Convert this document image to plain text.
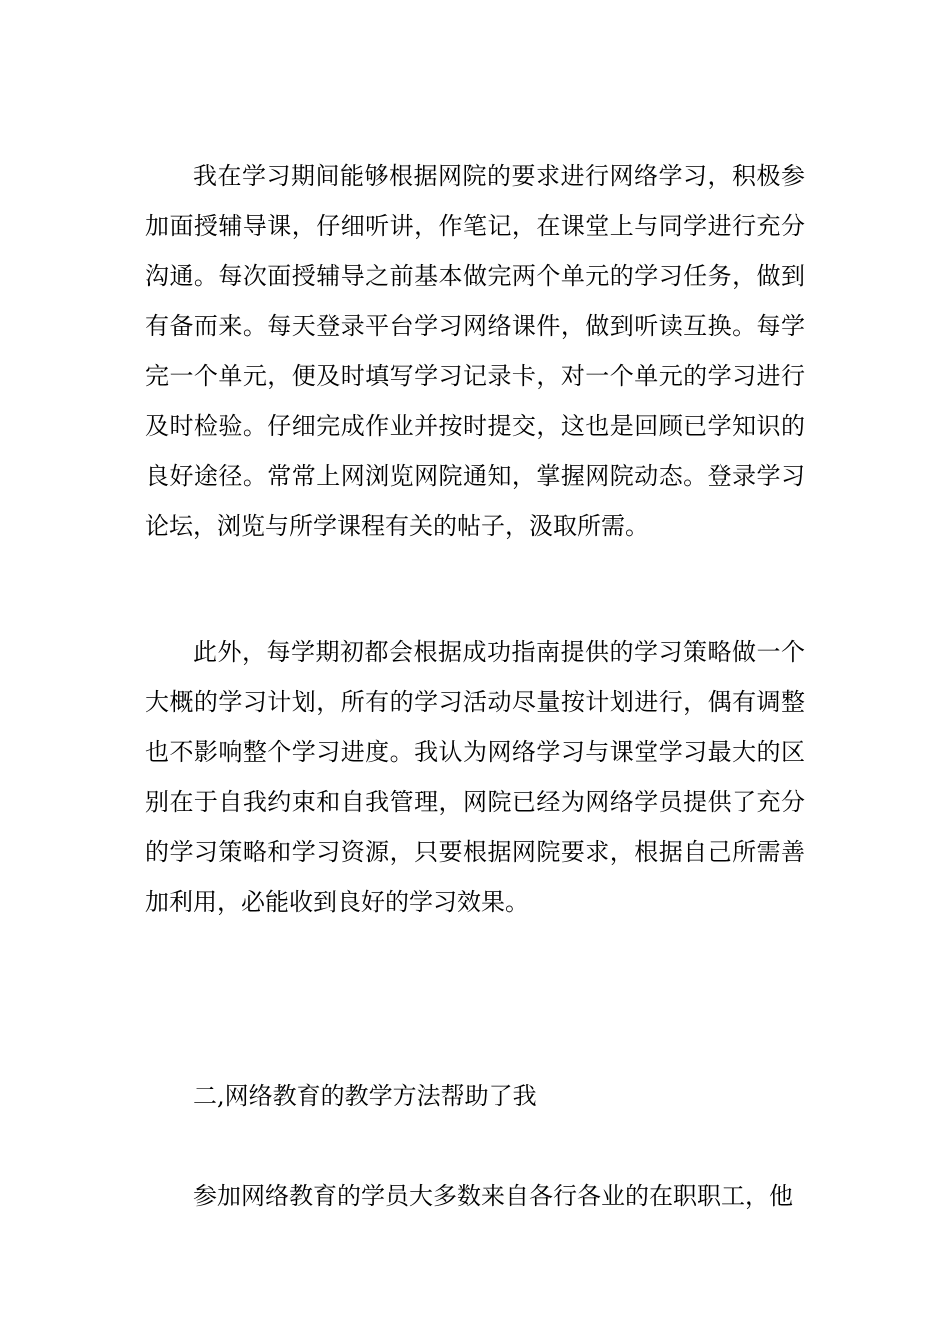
我在学习期间能够根据网院的要求进行网络学习，积极参加面授辅导课，仔细听讲，作笔记，在课堂上与同学进行充分沟通。每次面授辅导之前基本做完两个单元的学习任务，做到有备而来。每天登录平台学习网络课件，做到听读互换。每学完一个单元，便及时填写学习记录卡，对一个单元的学习进行及时检验。仔细完成作业并按时提交，这也是回顾已学知识的良好途径。常常上网浏览网院通知，掌握网院动态。登录学习论坛，浏览与所学课程有关的帖子，汲取所需。

此外，每学期初都会根据成功指南提供的学习策略做一个大概的学习计划，所有的学习活动尽量按计划进行，偶有调整也不影响整个学习进度。我认为网络学习与课堂学习最大的区别在于自我约束和自我管理，网院已经为网络学员提供了充分的学习策略和学习资源，只要根据网院要求，根据自己所需善加利用，必能收到良好的学习效果。

二,网络教育的教学方法帮助了我

参加网络教育的学员大多数来自各行各业的在职职工，他
